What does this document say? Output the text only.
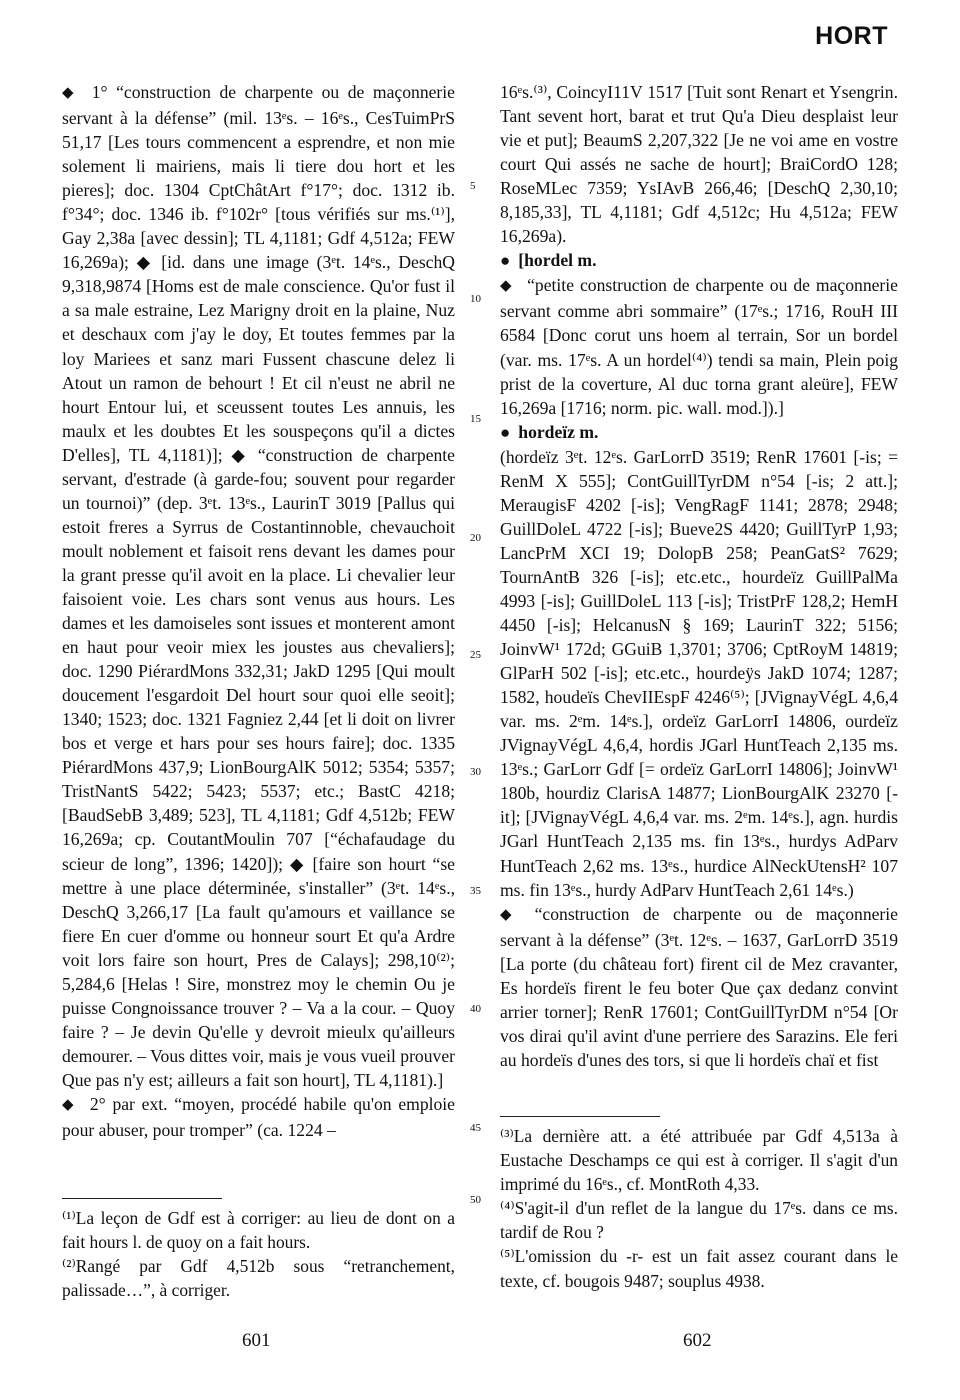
HORT

◆ 1° “construction de charpente ou de maçonnerie servant à la défense” (mil. 13ᵉs. – 16ᵉs., CesTuimPrS 51,17 [Les tours commencent a esprendre, et non mie solement li mairiens, mais li tiere dou hort et les pieres]; doc. 1304 CptChâtArt f°17°; doc. 1312 ib. f°34°; doc. 1346 ib. f°102r° [tous vérifiés sur ms.⁽¹⁾], Gay 2,38a [avec dessin]; TL 4,1181; Gdf 4,512a; FEW 16,269a); ◆ [id. dans une image (3ᵉt. 14ᵉs., DeschQ 9,318,9874 [Homs est de male conscience. Qu'or fust il a sa male estraine, Lez Marigny droit en la plaine, Nuz et deschaux com j'ay le doy, Et toutes femmes par la loy Mariees et sanz mari Fussent chascune delez li Atout un ramon de behourt ! Et cil n'eust ne abril ne hourt Entour lui, et sceussent toutes Les annuis, les maulx et les doubtes Et les souspeçons qu'il a dictes D'elles], TL 4,1181)]; ◆ “construction de charpente servant, d'estrade (à garde-fou; souvent pour regarder un tournoi)” (dep. 3ᵉt. 13ᵉs., LaurinT 3019 [Pallus qui estoit freres a Syrrus de Costantinnoble, chevauchoit moult noblement et faisoit rens devant les dames pour la grant presse qu'il avoit en la place. Li chevalier leur faisoient voie. Les chars sont venus aus hours. Les dames et les damoiseles sont issues et monterent amont en haut pour veoir miex les joustes aus chevaliers]; doc. 1290 PiérardMons 332,31; JakD 1295 [Qui moult doucement l'esgardoit Del hourt sour quoi elle seoit]; 1340; 1523; doc. 1321 Fagniez 2,44 [et li doit on livrer bos et verge et hars pour ses hours faire]; doc. 1335 PiérardMons 437,9; LionBourgAlK 5012; 5354; 5357; TristNantS 5422; 5423; 5537; etc.; BastC 4218; [BaudSebB 3,489; 523], TL 4,1181; Gdf 4,512b; FEW 16,269a; cp. CoutantMoulin 707 [“échafaudage du scieur de long”, 1396; 1420]); ◆ [faire son hourt “se mettre à une place déterminée, s'installer” (3ᵉt. 14ᵉs., DeschQ 3,266,17 [La fault qu'amours et vaillance se fiere En cuer d'omme ou honneur sourt Et qu'a Ardre voit lors faire son hourt, Pres de Calays]; 298,10⁽²⁾; 5,284,6 [Helas ! Sire, monstrez moy le chemin Ou je puisse Congnoissance trouver ? – Va a la cour. – Quoy faire ? – Je devin Qu'elle y devroit mieulx qu'ailleurs demourer. – Vous dittes voir, mais je vous vueil prouver Que pas n'y est; ailleurs a fait son hourt], TL 4,1181).]

◆ 2° par ext. “moyen, procédé habile qu'on emploie pour abuser, pour tromper” (ca. 1224 –

5
10
15
20
25
30
35
40
45
50

16ᵉs.⁽³⁾, CoincyI11V 1517 [Tuit sont Renart et Ysengrin. Tant sevent hort, barat et trut Qu'a Dieu desplaist leur vie et put]; BeaumS 2,207,322 [Je ne voi ame en vostre court Qui assés ne sache de hourt]; BraiCordO 128; RoseMLec 7359; YsIAvB 266,46; [DeschQ 2,30,10; 8,185,33], TL 4,1181; Gdf 4,512c; Hu 4,512a; FEW 16,269a).

● [hordel m.

◆ “petite construction de charpente ou de maçonnerie servant comme abri sommaire” (17ᵉs.; 1716, RouH III 6584 [Donc corut uns hoem al terrain, Sor un bordel (var. ms. 17ᵉs. A un hordel⁽⁴⁾) tendi sa main, Plein poig prist de la coverture, Al duc torna grant aleüre], FEW 16,269a [1716; norm. pic. wall. mod.]).]

● hordeïz m.

(hordeïz 3ᵉt. 12ᵉs. GarLorrD 3519; RenR 17601 [-is; = RenM X 555]; ContGuillTyrDM n°54 [-is; 2 att.]; MeraugisF 4202 [-is]; VengRagF 1141; 2878; 2948; GuillDoleL 4722 [-is]; Bueve2S 4420; GuillTyrP 1,93; LancPrM XCI 19; DolopB 258; PeanGatS² 7629; TournAntB 326 [-is]; etc.etc., hourdeïz GuillPalMa 4993 [-is]; GuillDoleL 113 [-is]; TristPrF 128,2; HemH 4450 [-is]; HelcanusN § 169; LaurinT 322; 5156; JoinvW¹ 172d; GGuiB 1,3701; 3706; CptRoyM 14819; GlParH 502 [-is]; etc.etc., hourdeÿs JakD 1074; 1287; 1582, houdeïs ChevIIEspF 4246⁽⁵⁾; [JVignayVégL 4,6,4 var. ms. 2ᵉm. 14ᵉs.], ordeïz GarLorrI 14806, ourdeïz JVignayVégL 4,6,4, hordis JGarl HuntTeach 2,135 ms. 13ᵉs.; GarLorr Gdf [= ordeïz GarLorrI 14806]; JoinvW¹ 180b, hourdiz ClarisA 14877; LionBourgAlK 23270 [-it]; [JVignayVégL 4,6,4 var. ms. 2ᵉm. 14ᵉs.], agn. hurdis JGarl HuntTeach 2,135 ms. fin 13ᵉs., hurdys AdParv HuntTeach 2,62 ms. 13ᵉs., hurdice AlNeckUtensH² 107 ms. fin 13ᵉs., hurdy AdParv HuntTeach 2,61 14ᵉs.)

◆ “construction de charpente ou de maçonnerie servant à la défense” (3ᵉt. 12ᵉs. – 1637, GarLorrD 3519 [La porte (du château fort) firent cil de Mez cravanter, Es hordeïs firent le feu boter Que çax dedanz convint arrier torner]; RenR 17601; ContGuillTyrDM n°54 [Or vos dirai qu'il avint d'une perriere des Sarazins. Ele feri au hordeïs d'unes des tors, si que li hordeïs chaï et fist

⁽¹⁾La leçon de Gdf est à corriger: au lieu de dont on a fait hours l. de quoy on a fait hours.
⁽²⁾Rangé par Gdf 4,512b sous “retranchement, palissade…”, à corriger.
⁽³⁾La dernière att. a été attribuée par Gdf 4,513a à Eustache Deschamps ce qui est à corriger. Il s'agit d'un imprimé du 16ᵉs., cf. MontRoth 4,33.
⁽⁴⁾S'agit-il d'un reflet de la langue du 17ᵉs. dans ce ms. tardif de Rou ?
⁽⁵⁾L'omission du -r- est un fait assez courant dans le texte, cf. bougois 9487; souplus 4938.
601	602
